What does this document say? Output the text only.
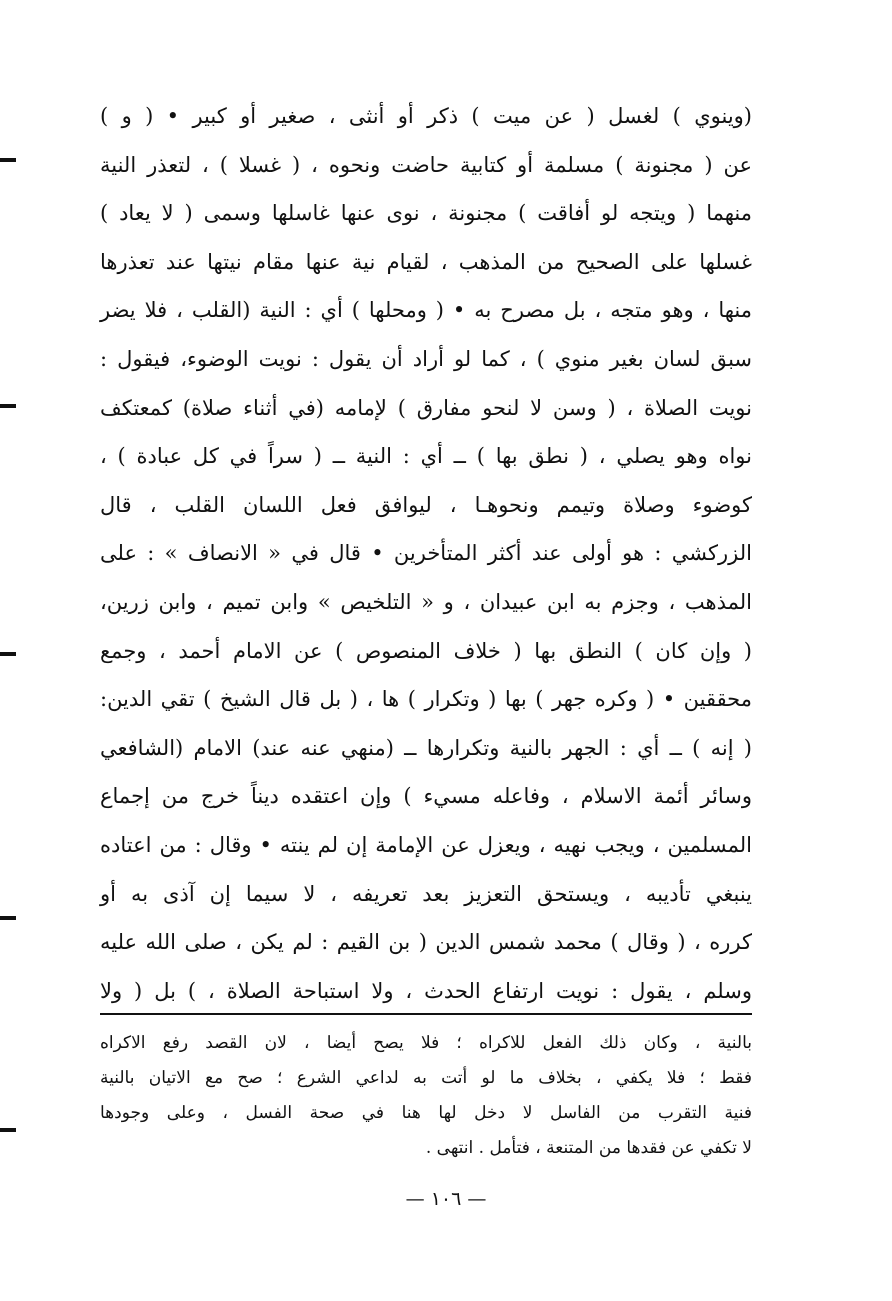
(وينوي ) لغسل ( عن ميت ) ذكر أو أنثى ، صغير أو كبير • ( و )
عن ( مجنونة ) مسلمة أو كتابية حاضت ونحوه ، ( غسلا ) ، لتعذر النية
منهما ( ويتجه لو أفاقت ) مجنونة ، نوى عنها غاسلها وسمى ( لا يعاد )
غسلها على الصحيح من المذهب ، لقيام نية عنها مقام نيتها عند تعذرها
منها ، وهو متجه ، بل مصرح به • ( ومحلها ) أي : النية (القلب ، فلا يضر
سبق لسان بغير منوي ) ، كما لو أراد أن يقول : نويت الوضوء، فيقول :
نويت الصلاة ، ( وسن لا لنحو مفارق ) لإمامه (في أثناء صلاة) كمعتكف
نواه وهو يصلي ، ( نطق بها ) ــ أي : النية ــ ( سراً في كل عبادة ) ،
كوضوء وصلاة وتيمم ونحوهـا ، ليوافق فعل اللسان القلب ، قال
الزركشي : هو أولى عند أكثر المتأخرين • قال في « الانصاف » : على
المذهب ، وجزم به ابن عبيدان ، و « التلخيص » وابن تميم ، وابن زرين،
( وإن كان ) النطق بها ( خلاف المنصوص ) عن الامام أحمد ، وجمع
محققين • ( وكره جهر ) بها ( وتكرار ) ها ، ( بل قال الشيخ ) تقي الدين:
( إنه ) ــ أي : الجهر بالنية وتكرارها ــ (منهي عنه عند) الامام (الشافعي
وسائر أئمة الاسلام ، وفاعله مسيء ) وإن اعتقده ديناً خرج من إجماع
المسلمين ، ويجب نهيه ، ويعزل عن الإمامة إن لم ينته • وقال : من اعتاده
ينبغي تأديبه ، ويستحق التعزيز بعد تعريفه ، لا سيما إن آذى به أو
كرره ، ( وقال ) محمد شمس الدين ( بن القيم : لم يكن ، صلى الله عليه
وسلم ، يقول : نويت ارتفاع الحدث ، ولا استباحة الصلاة ، ) بل ( ولا
بالنية ، وكان ذلك الفعل للاكراه ؛ فلا يصح أيضا ، لان القصد رفع الاكراه
فقط ؛ فلا يكفي ، بخلاف ما لو أتت به لداعي الشرع ؛ صح مع الاتيان بالنية
فنية التقرب من الفاسل لا دخل لها هنا في صحة الفسل ، وعلى وجودها
لا تكفي عن فقدها من المتنعة ، فتأمل . انتهى .
— ١٠٦ —
